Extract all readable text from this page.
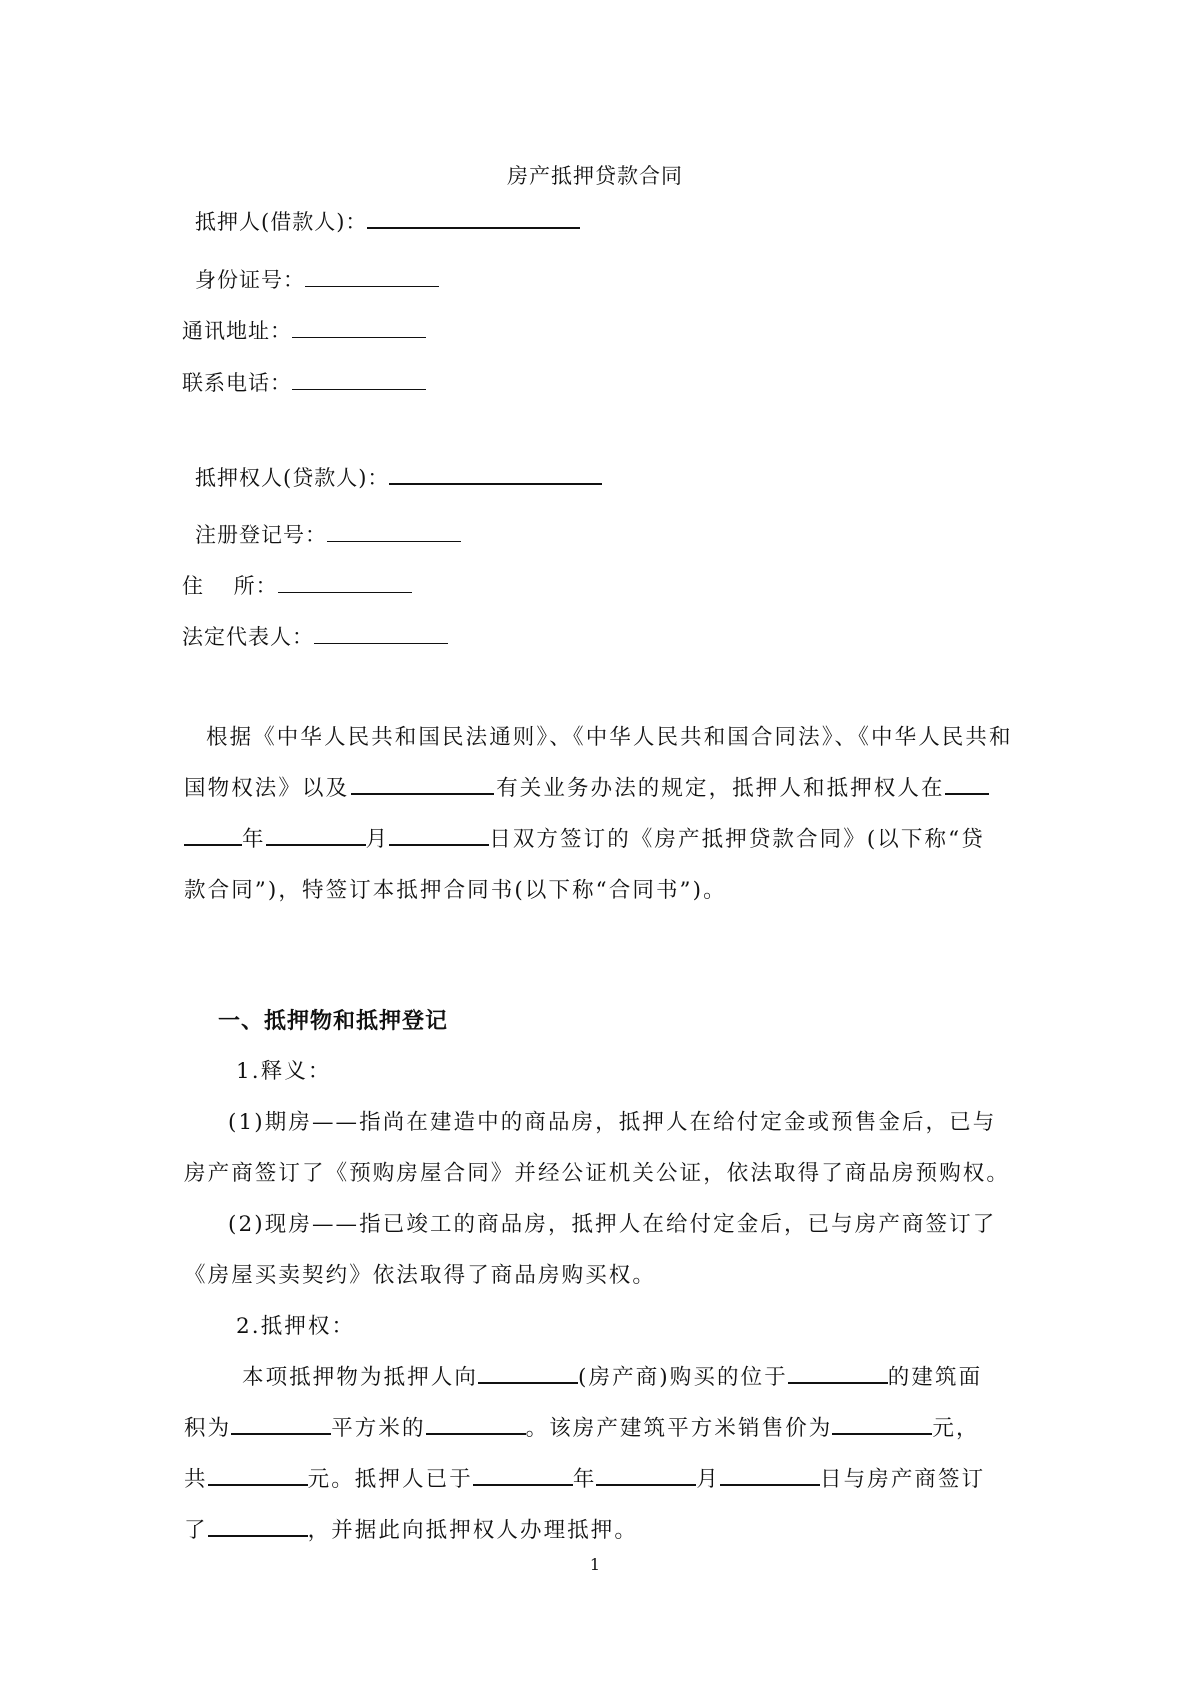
房产抵押贷款合同
抵押人(借款人)：
身份证号：
通讯地址：
联系电话：
抵押权人(贷款人)：
注册登记号：
住　 所：
法定代表人：
根据《中华人民共和国民法通则》、《中华人民共和国合同法》、《中华人民共和
国物权法》以及	有关业务办法的规定，抵押人和抵押权人在
年	月	日双方签订的《房产抵押贷款合同》(以下称“贷
款合同”)，特签订本抵押合同书(以下称“合同书”)。
一、抵押物和抵押登记
1.释义：
(1)期房——指尚在建造中的商品房，抵押人在给付定金或预售金后，已与
房产商签订了《预购房屋合同》并经公证机关公证，依法取得了商品房预购权。
(2)现房——指已竣工的商品房，抵押人在给付定金后，已与房产商签订了
《房屋买卖契约》依法取得了商品房购买权。
2.抵押权：
本项抵押物为抵押人向	(房产商)购买的位于	的建筑面
积为	平方米的	。该房产建筑平方米销售价为	元，
共	元。抵押人已于	年	月	日与房产商签订
了	，并据此向抵押权人办理抵押。
1
